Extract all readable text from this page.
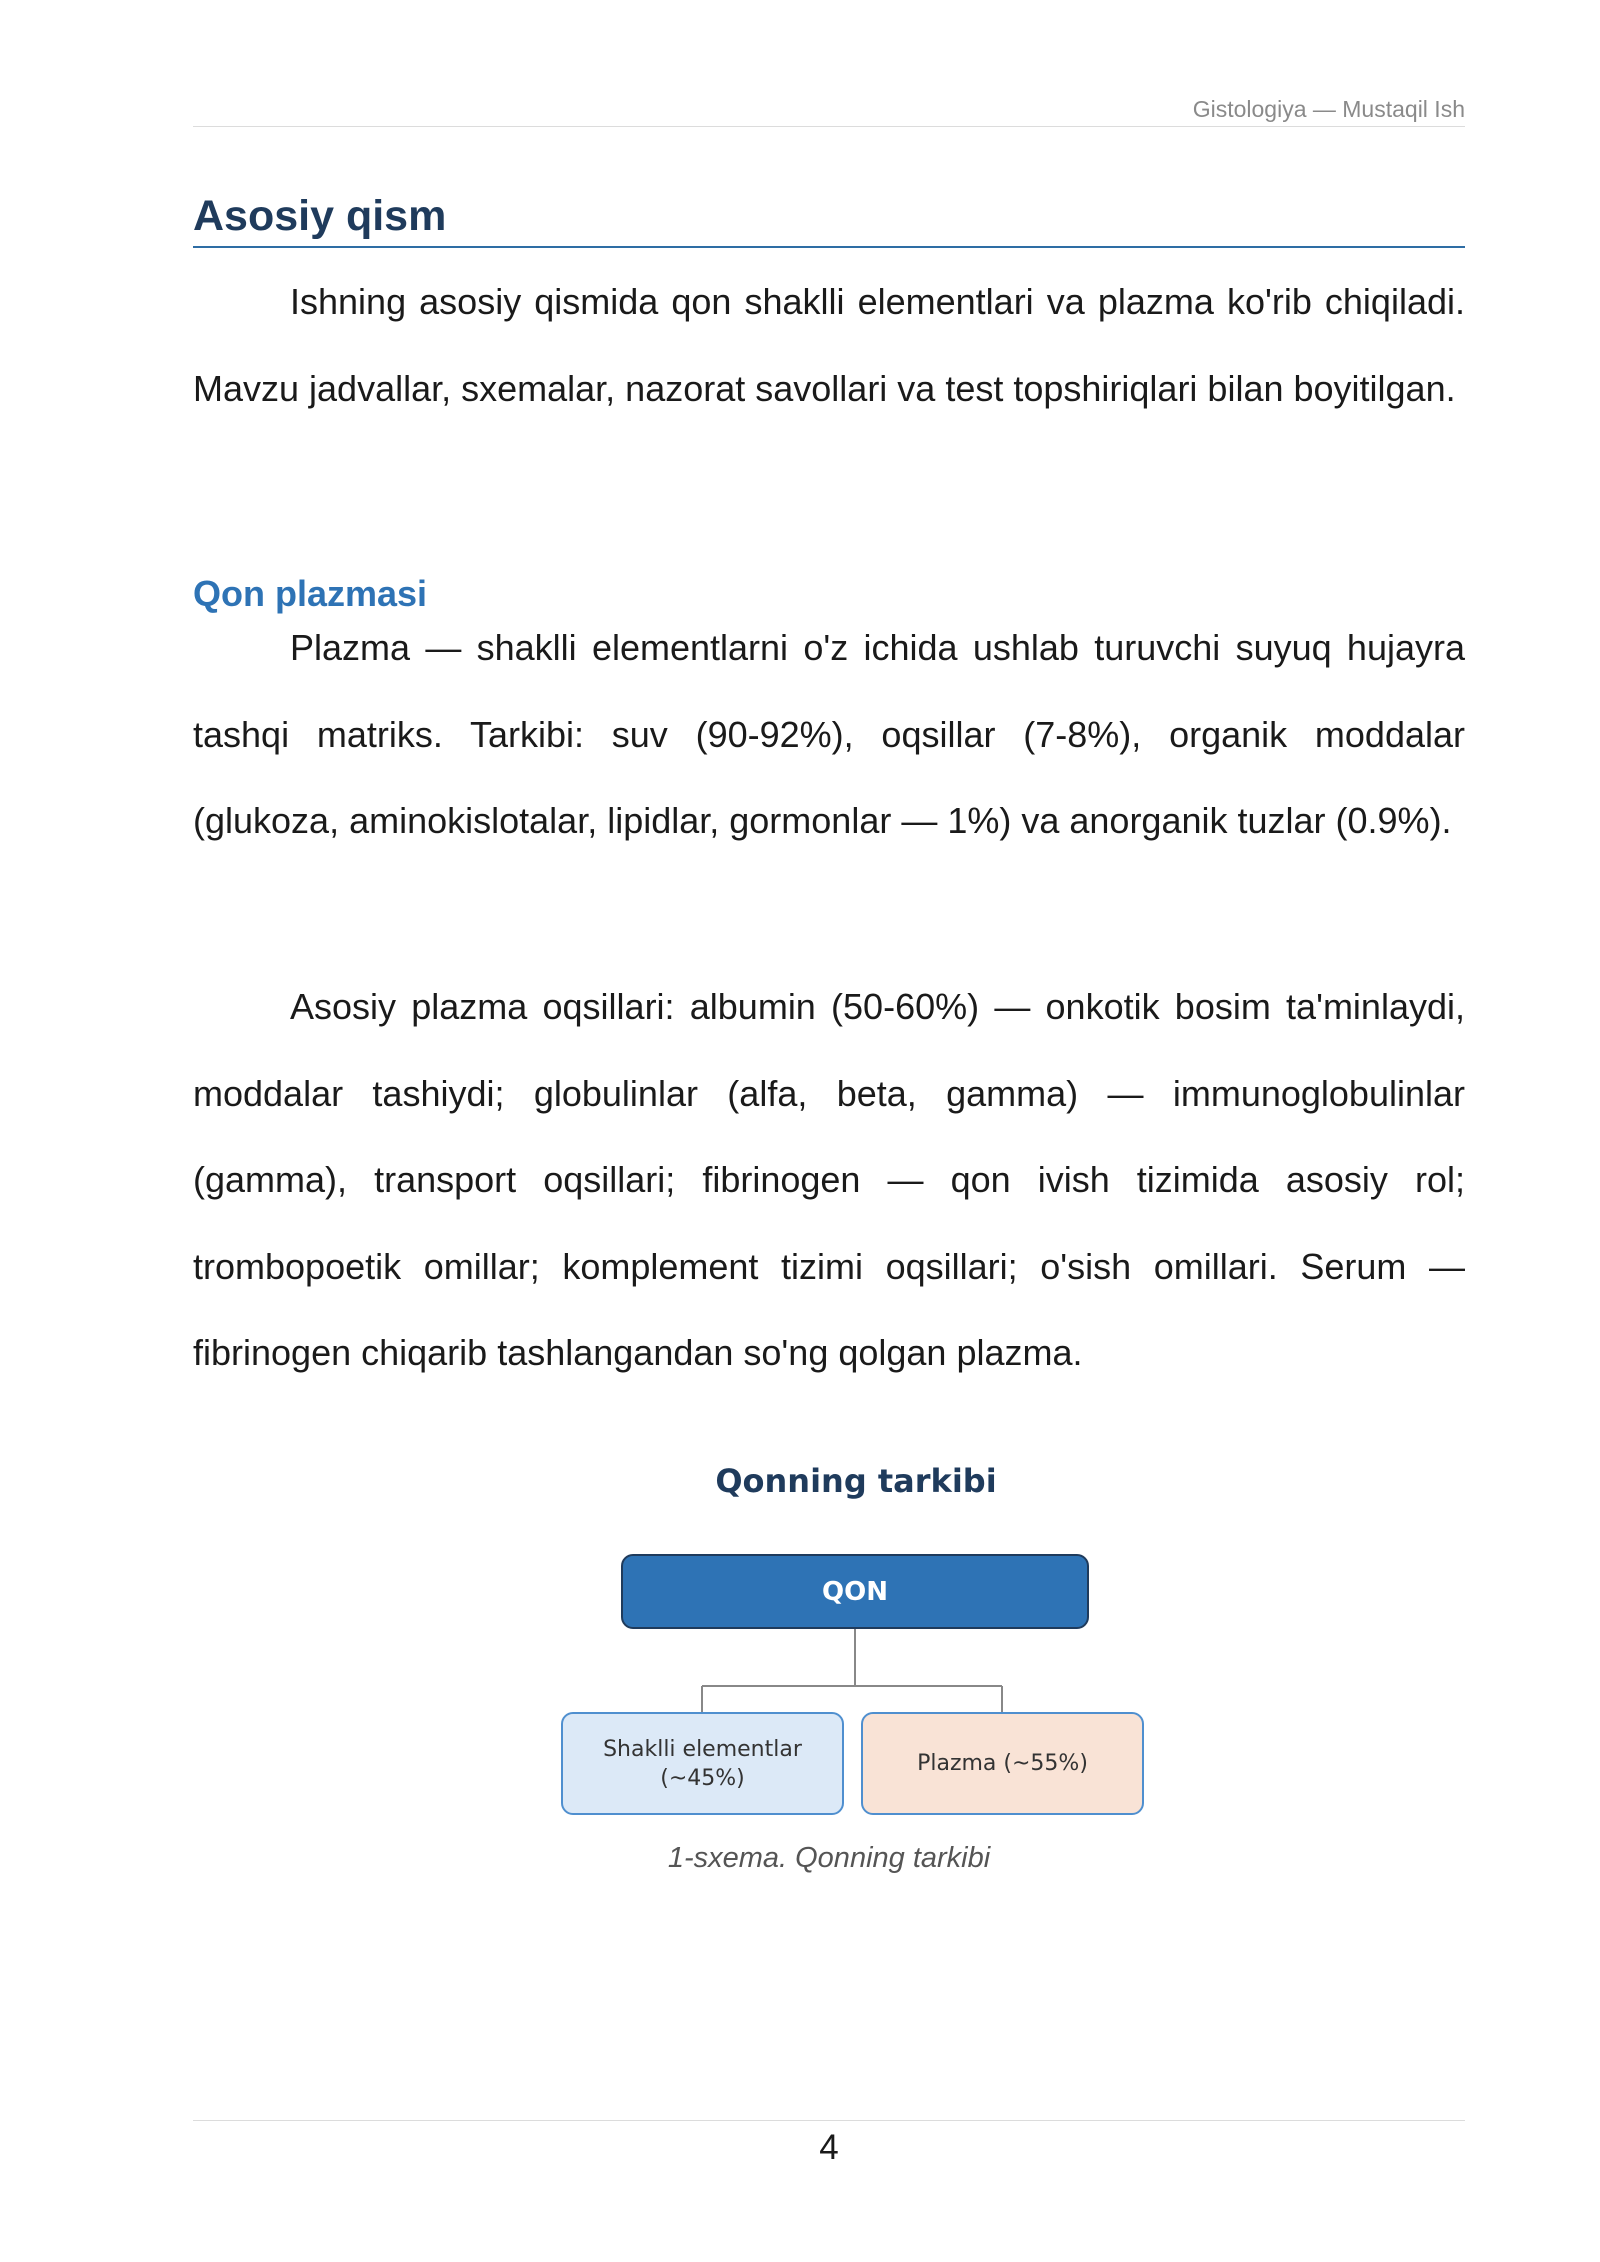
Gistologiya — Mustaqil Ish
Asosiy qism

Ishning asosiy qismida qon shaklli elementlari va plazma ko'rib chiqiladi. Mavzu jadvallar, sxemalar, nazorat savollari va test topshiriqlari bilan boyitilgan.

Qon plazmasi

Plazma — shaklli elementlarni o'z ichida ushlab turuvchi suyuq hujayra tashqi matriks. Tarkibi: suv (90-92%), oqsillar (7-8%), organik moddalar (glukoza, aminokislotalar, lipidlar, gormonlar — 1%) va anorganik tuzlar (0.9%).

Asosiy plazma oqsillari: albumin (50-60%) — onkotik bosim ta'minlaydi, moddalar tashiydi; globulinlar (alfa, beta, gamma) — immunoglobulinlar (gamma), transport oqsillari; fibrinogen — qon ivish tizimida asosiy rol; trombopoetik omillar; komplement tizimi oqsillari; o'sish omillari. Serum — fibrinogen chiqarib tashlangandan so'ng qolgan plazma.

Qonning tarkibi
QON
Shaklli elementlar
(~45%)
Plazma (~55%)
1-sxema. Qonning tarkibi
4
